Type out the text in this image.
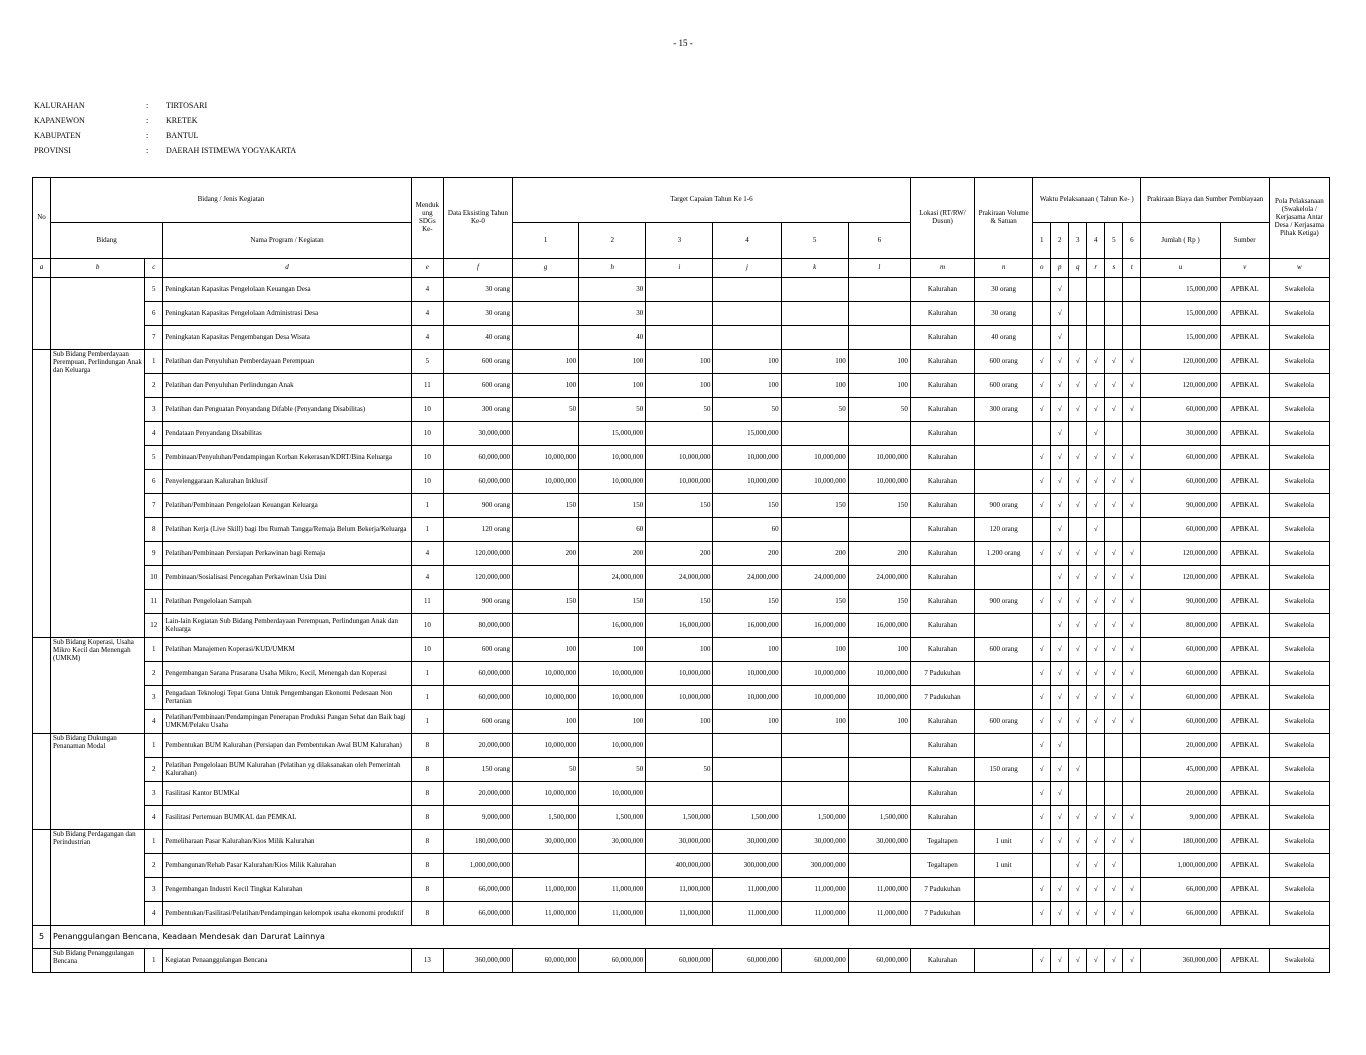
- 15 -
KALURAHAN	:	TIRTOSARI
KAPANEWON	:	KRETEK
KABUPATEN	:	BANTUL
PROVINSI	:	DAERAH ISTIMEWA YOGYAKARTA
No	Bidang / Jenis Kegiatan			Menduk ung SDGs Ke-	Data Eksisting Tahun Ke-0	Target Capaian Tahun Ke 1-6						Lokasi (RT/RW/ Dusun)	Prakiraan Volume & Satuan	Waktu Pelaksanaan ( Tahun Ke- )						Prakiraan Biaya dan Sumber Pembiayaan		Pola Pelaksanaan (Swakelola / Kerjasama Antar Desa / Kerjasama Pihak Ketiga)
	Bidang		Nama Program / Kegiatan			1	2	3	4	5	6			1	2	3	4	5	6	Jumlah ( Rp )	Sumber	
a	b	c	d	e	f	g	h	i	j	k	l	m	n	o	p	q	r	s	t	u	v	w
		5	Peningkatan Kapasitas Pengelolaan Keuangan Desa	4	30 orang		30					Kalurahan	30 orang		√					15,000,000	APBKAL	Swakelola
		6	Peningkatan Kapasitas Pengelolaan Administrasi Desa	4	30 orang		30					Kalurahan	30 orang		√					15,000,000	APBKAL	Swakelola
		7	Peningkatan Kapasitas Pengembangan Desa Wisata	4	40 orang		40					Kalurahan	40 orang		√					15,000,000	APBKAL	Swakelola
	Sub Bidang Pemberdayaan Perempuan, Perlindungan Anak dan Keluarga	1	Pelatihan dan Penyuluhan Pemberdayaan Perempuan	5	600 orang	100	100	100	100	100	100	Kalurahan	600 orang	√	√	√	√	√	√	120,000,000	APBKAL	Swakelola
		2	Pelatihan dan Penyuluhan Perlindungan Anak	11	600 orang	100	100	100	100	100	100	Kalurahan	600 orang	√	√	√	√	√	√	120,000,000	APBKAL	Swakelola
		3	Pelatihan dan Penguatan Penyandang Difable (Penyandang Disabilitas)	10	300 orang	50	50	50	50	50	50	Kalurahan	300 orang	√	√	√	√	√	√	60,000,000	APBKAL	Swakelola
		4	Pendataan Penyandang Disabilitas	10	30,000,000		15,000,000		15,000,000			Kalurahan			√		√			30,000,000	APBKAL	Swakelola
		5	Pembinaan/Penyuluhan/Pendampingan Korban Kekerasan/KDRT/Bina Keluarga	10	60,000,000	10,000,000	10,000,000	10,000,000	10,000,000	10,000,000	10,000,000	Kalurahan		√	√	√	√	√	√	60,000,000	APBKAL	Swakelola
		6	Penyelenggaraan Kalurahan Inklusif	10	60,000,000	10,000,000	10,000,000	10,000,000	10,000,000	10,000,000	10,000,000	Kalurahan		√	√	√	√	√	√	60,000,000	APBKAL	Swakelola
		7	Pelatihan/Pembinaan Pengelolaan Keuangan Keluarga	1	900 orang	150	150	150	150	150	150	Kalurahan	900 orang	√	√	√	√	√	√	90,000,000	APBKAL	Swakelola
		8	Pelatihan Kerja (Live Skill) bagi Ibu Rumah Tangga/Remaja Belum Bekerja/Keluarga	1	120 orang		60		60			Kalurahan	120 orang		√		√			60,000,000	APBKAL	Swakelola
		9	Pelatihan/Pembinaan Persiapan Perkawinan bagi Remaja	4	120,000,000	200	200	200	200	200	200	Kalurahan	1.200 orang	√	√	√	√	√	√	120,000,000	APBKAL	Swakelola
		10	Pembinaan/Sosialisasi Pencegahan Perkawinan Usia Dini	4	120,000,000		24,000,000	24,000,000	24,000,000	24,000,000	24,000,000	Kalurahan			√	√	√	√	√	120,000,000	APBKAL	Swakelola
		11	Pelatihan Pengelolaan Sampah	11	900 orang	150	150	150	150	150	150	Kalurahan	900 orang	√	√	√	√	√	√	90,000,000	APBKAL	Swakelola
		12	Lain-lain Kegiatan Sub Bidang Pemberdayaan Perempuan, Perlindungan Anak dan Keluarga	10	80,000,000		16,000,000	16,000,000	16,000,000	16,000,000	16,000,000	Kalurahan			√	√	√	√	√	80,000,000	APBKAL	Swakelola
	Sub Bidang Koperasi, Usaha Mikro Kecil dan Menengah (UMKM)	1	Pelatihan Manajemen Koperasi/KUD/UMKM	10	600 orang	100	100	100	100	100	100	Kalurahan	600 orang	√	√	√	√	√	√	60,000,000	APBKAL	Swakelola
		2	Pengembangan Sarana Prasarana Usaha Mikro, Kecil, Menengah dan Koperasi	1	60,000,000	10,000,000	10,000,000	10,000,000	10,000,000	10,000,000	10,000,000	7 Padukuhan		√	√	√	√	√	√	60,000,000	APBKAL	Swakelola
		3	Pengadaan Teknologi Tepat Guna Untuk Pengembangan Ekonomi Pedesaan Non Pertanian	1	60,000,000	10,000,000	10,000,000	10,000,000	10,000,000	10,000,000	10,000,000	7 Padukuhan		√	√	√	√	√	√	60,000,000	APBKAL	Swakelola
		4	Pelatihan/Pembinaan/Pendampingan Penerapan Produksi Pangan Sehat dan Baik bagi UMKM/Pelaku Usaha	1	600 orang	100	100	100	100	100	100	Kalurahan	600 orang	√	√	√	√	√	√	60,000,000	APBKAL	Swakelola
	Sub Bidang Dukungan Penanaman Modal	1	Pembentukan BUM Kalurahan (Persiapan dan Pembentukan Awal BUM Kalurahan)	8	20,000,000	10,000,000	10,000,000					Kalurahan		√	√					20,000,000	APBKAL	Swakelola
		2	Pelatihan Pengelolaan BUM Kalurahan (Pelatihan yg dilaksanakan oleh Pemerintah Kalurahan)	8	150 orang	50	50	50				Kalurahan	150 orang	√	√	√				45,000,000	APBKAL	Swakelola
		3	Fasilitasi Kantor BUMKal	8	20,000,000	10,000,000	10,000,000					Kalurahan		√	√					20,000,000	APBKAL	Swakelola
		4	Fasilitasi Pertemuan BUMKAL dan PEMKAL	8	9,000,000	1,500,000	1,500,000	1,500,000	1,500,000	1,500,000	1,500,000	Kalurahan		√	√	√	√	√	√	9,000,000	APBKAL	Swakelola
	Sub Bidang Perdagangan dan Perindustrian	1	Pemeliharaan Pasar Kalurahan/Kios Milik Kalurahan	8	180,000,000	30,000,000	30,000,000	30,000,000	30,000,000	30,000,000	30,000,000	Tegaltapen	1 unit	√	√	√	√	√	√	180,000,000	APBKAL	Swakelola
		2	Pembangunan/Rehab Pasar Kalurahan/Kios Milik Kalurahan	8	1,000,000,000			400,000,000	300,000,000	300,000,000		Tegaltapen	1 unit			√	√	√		1,000,000,000	APBKAL	Swakelola
		3	Pengembangan Industri Kecil Tingkat Kalurahan	8	66,000,000	11,000,000	11,000,000	11,000,000	11,000,000	11,000,000	11,000,000	7 Padukuhan		√	√	√	√	√	√	66,000,000	APBKAL	Swakelola
		4	Pembentukan/Fasilitasi/Pelatihan/Pendampingan kelompok usaha ekonomi produktif	8	66,000,000	11,000,000	11,000,000	11,000,000	11,000,000	11,000,000	11,000,000	7 Padukuhan		√	√	√	√	√	√	66,000,000	APBKAL	Swakelola
5	Penanggulangan Bencana, Keadaan Mendesak dan Darurat Lainnya																					
	Sub Bidang Penanggulangan Bencana	1	Kegiatan Penaanggulangan Bencana	13	360,000,000	60,000,000	60,000,000	60,000,000	60,000,000	60,000,000	60,000,000	Kalurahan		√	√	√	√	√	√	360,000,000	APBKAL	Swakelola
